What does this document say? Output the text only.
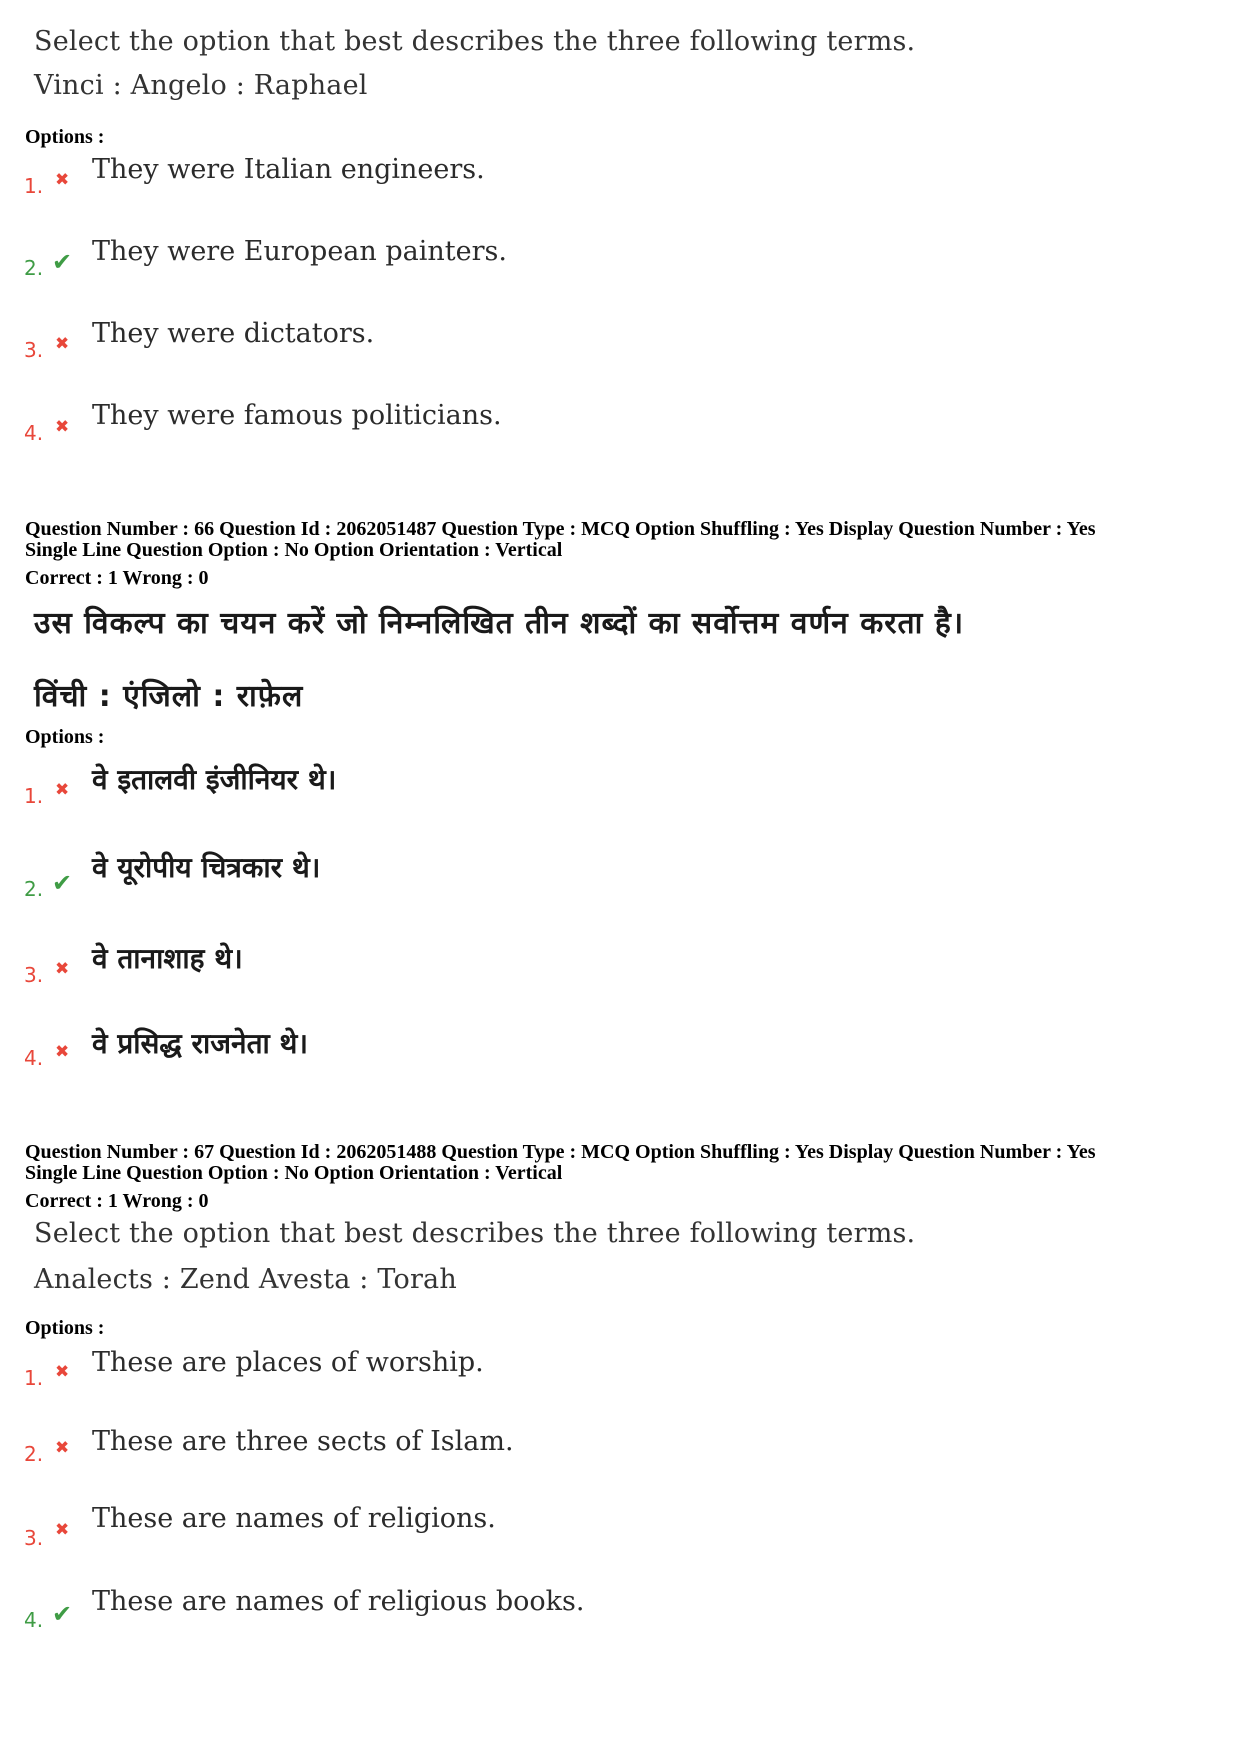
Select the option that best describes the three following terms.
Vinci : Angelo : Raphael
Options :
1. ✖ They were Italian engineers.
2. ✔ They were European painters.
3. ✖ They were dictators.
4. ✖ They were famous politicians.
Question Number : 66 Question Id : 2062051487 Question Type : MCQ Option Shuffling : Yes Display Question Number : Yes
Single Line Question Option : No Option Orientation : Vertical
Correct : 1 Wrong : 0
उस विकल्प का चयन करें जो निम्नलिखित तीन शब्दों का सर्वोत्तम वर्णन करता है।
विंची : एंजिलो : राफ़ेल
Options :
1. ✖ वे इतालवी इंजीनियर थे।
2. ✔ वे यूरोपीय चित्रकार थे।
3. ✖ वे तानाशाह थे।
4. ✖ वे प्रसिद्ध राजनेता थे।
Question Number : 67 Question Id : 2062051488 Question Type : MCQ Option Shuffling : Yes Display Question Number : Yes
Single Line Question Option : No Option Orientation : Vertical
Correct : 1 Wrong : 0
Select the option that best describes the three following terms.
Analects : Zend Avesta : Torah
Options :
1. ✖ These are places of worship.
2. ✖ These are three sects of Islam.
3. ✖ These are names of religions.
4. ✔ These are names of religious books.
